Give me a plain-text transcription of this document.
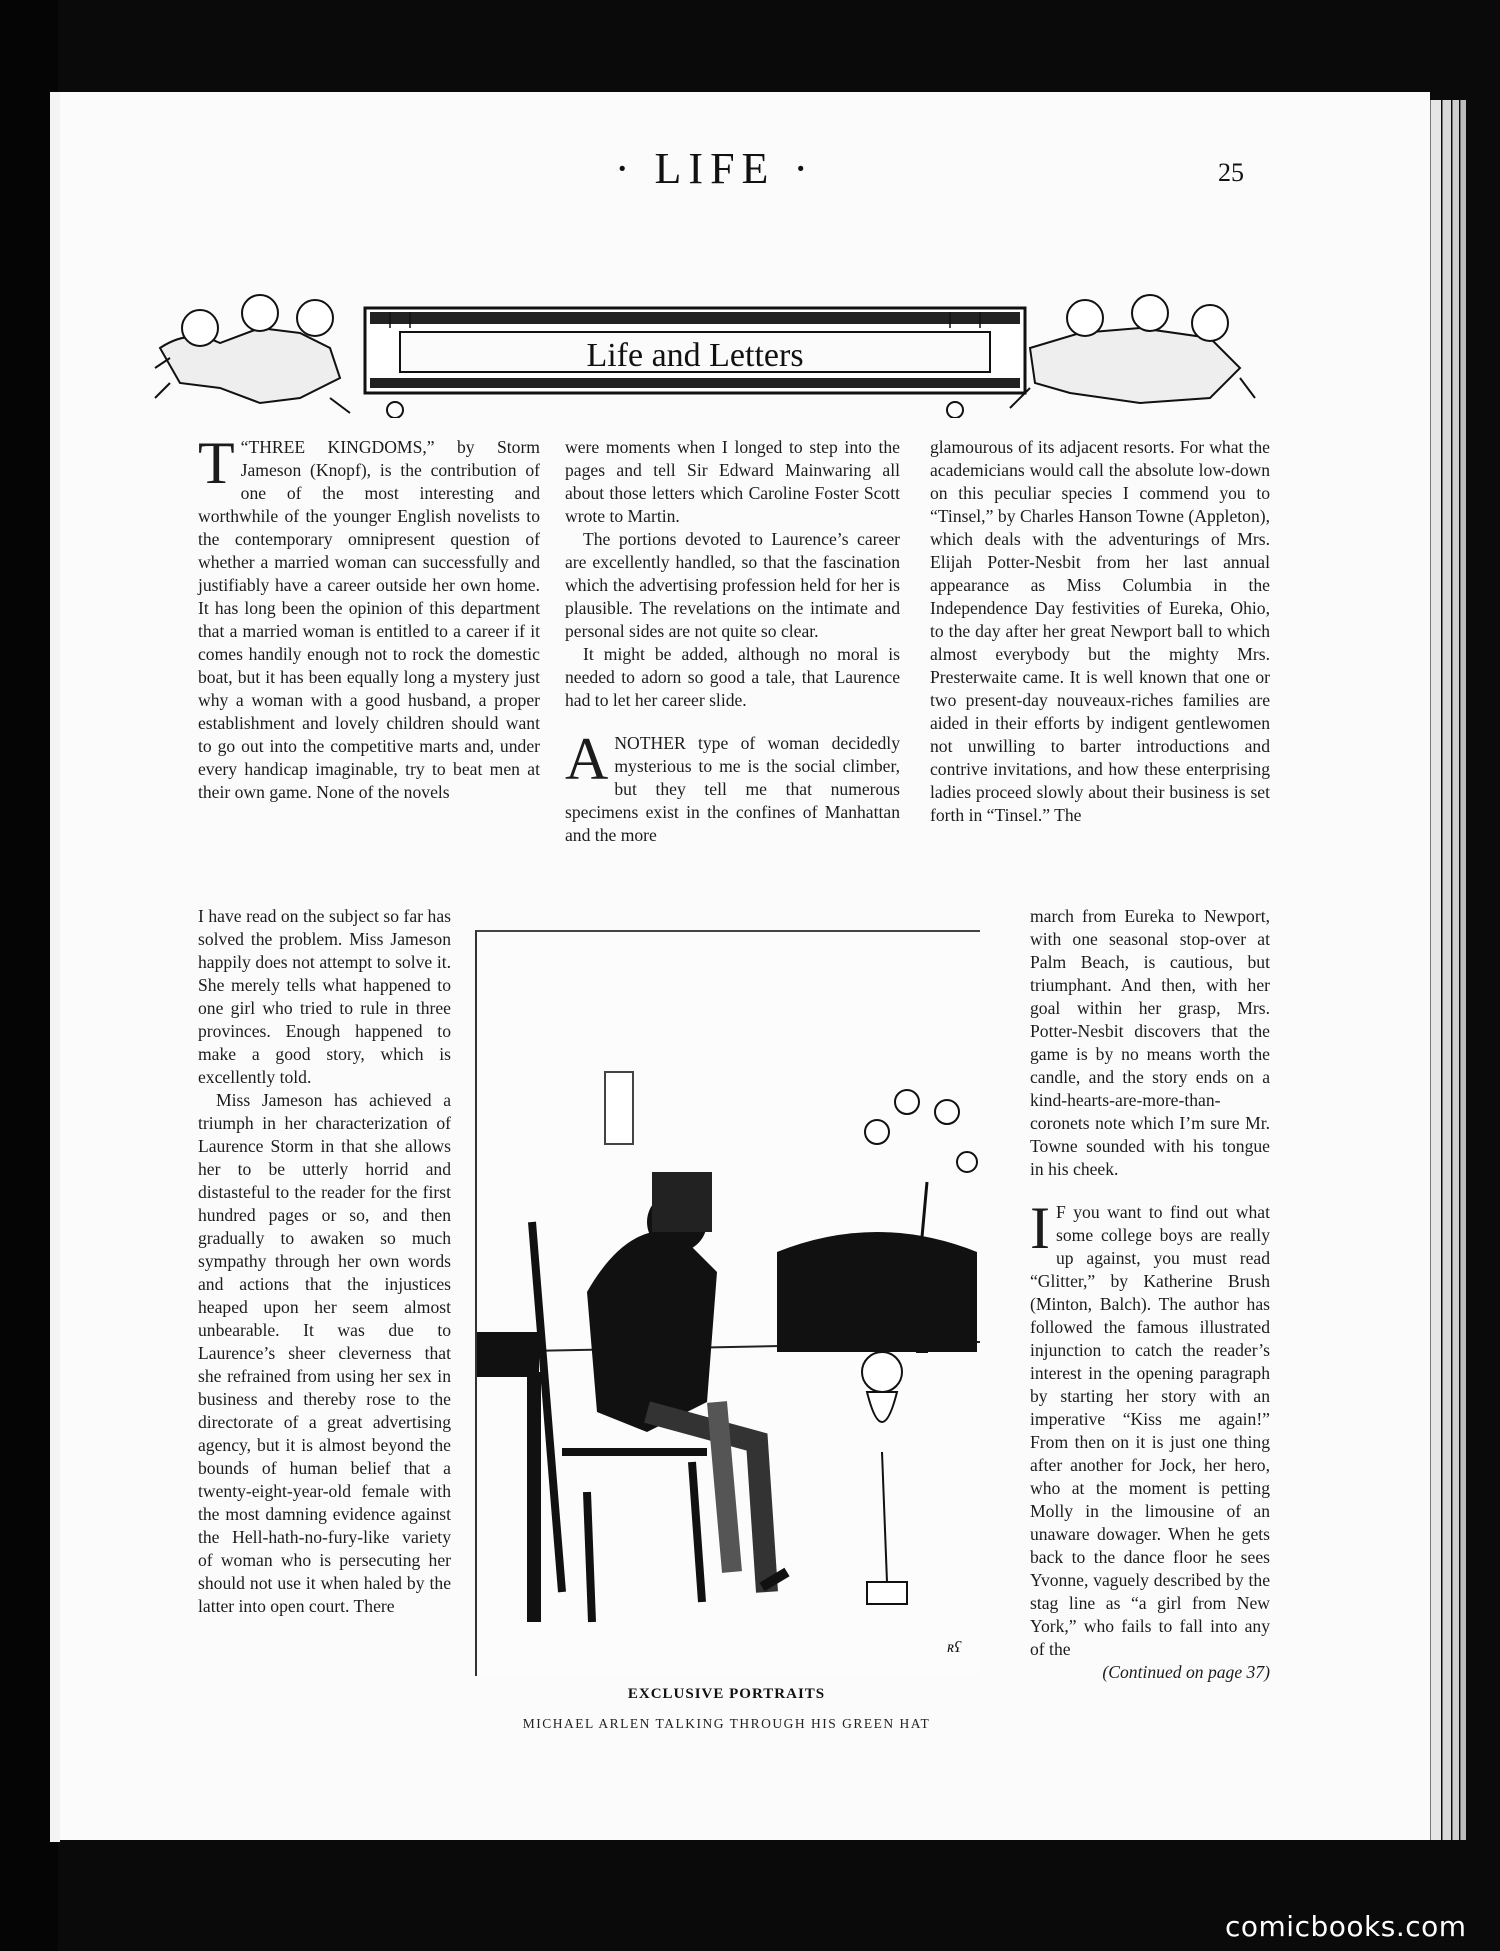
· LIFE ·	25
Life and Letters

T “THREE KINGDOMS,” by Storm Jameson (Knopf), is the contribution of one of the most interesting and worthwhile of the younger English novelists to the contemporary omnipresent question of whether a married woman can successfully and justifiably have a career outside her own home. It has long been the opinion of this department that a married woman is entitled to a career if it comes handily enough not to rock the domestic boat, but it has been equally long a mystery just why a woman with a good husband, a proper establishment and lovely children should want to go out into the competitive marts and, under every handicap imaginable, try to beat men at their own game. None of the novels

I have read on the subject so far has solved the problem. Miss Jameson happily does not attempt to solve it. She merely tells what happened to one girl who tried to rule in three provinces. Enough happened to make a good story, which is excellently told.

Miss Jameson has achieved a triumph in her characterization of Laurence Storm in that she allows her to be utterly horrid and distasteful to the reader for the first hundred pages or so, and then gradually to awaken so much sympathy through her own words and actions that the injustices heaped upon her seem almost unbearable. It was due to Laurence’s sheer cleverness that she refrained from using her sex in business and thereby rose to the directorate of a great advertising agency, but it is almost beyond the bounds of human belief that a twenty-eight-year-old female with the most damning evidence against the Hell-hath-no-fury-like variety of woman who is persecuting her should not use it when haled by the latter into open court. There

were moments when I longed to step into the pages and tell Sir Edward Mainwaring all about those letters which Caroline Foster Scott wrote to Martin.

The portions devoted to Laurence’s career are excellently handled, so that the fascination which the advertising profession held for her is plausible. The revelations on the intimate and personal sides are not quite so clear.

It might be added, although no moral is needed to adorn so good a tale, that Laurence had to let her career slide.

ANOTHER type of woman decidedly mysterious to me is the social climber, but they tell me that numerous specimens exist in the confines of Manhattan and the more

glamourous of its adjacent resorts. For what the academicians would call the absolute low-down on this peculiar species I commend you to “Tinsel,” by Charles Hanson Towne (Appleton), which deals with the adventurings of Mrs. Elijah Potter-Nesbit from her last annual appearance as Miss Columbia in the Independence Day festivities of Eureka, Ohio, to the day after her great Newport ball to which almost everybody but the mighty Mrs. Presterwaite came. It is well known that one or two present-day nouveaux-riches families are aided in their efforts by indigent gentlewomen not unwilling to barter introductions and contrive invitations, and how these enterprising ladies proceed slowly about their business is set forth in “Tinsel.” The

march from Eureka to Newport, with one seasonal stop-over at Palm Beach, is cautious, but triumphant. And then, with her goal within her grasp, Mrs. Potter-Nesbit discovers that the game is by no means worth the candle, and the story ends on a kind-hearts-are-more-than-coronets note which I’m sure Mr. Towne sounded with his tongue in his cheek.

I F you want to find out what some college boys are really up against, you must read “Glitter,” by Katherine Brush (Minton, Balch). The author has followed the famous illustrated injunction to catch the reader’s interest in the opening paragraph by starting her story with an imperative “Kiss me again!” From then on it is just one thing after another for Jock, her hero, who at the moment is petting Molly in the limousine of an unaware dowager. When he gets back to the dance floor he sees Yvonne, vaguely described by the stag line as “a girl from New York,” who fails to fall into any of the

(Continued on page 37)

ʀʕ
EXCLUSIVE PORTRAITS
MICHAEL ARLEN TALKING THROUGH HIS GREEN HAT
comicbooks.com
